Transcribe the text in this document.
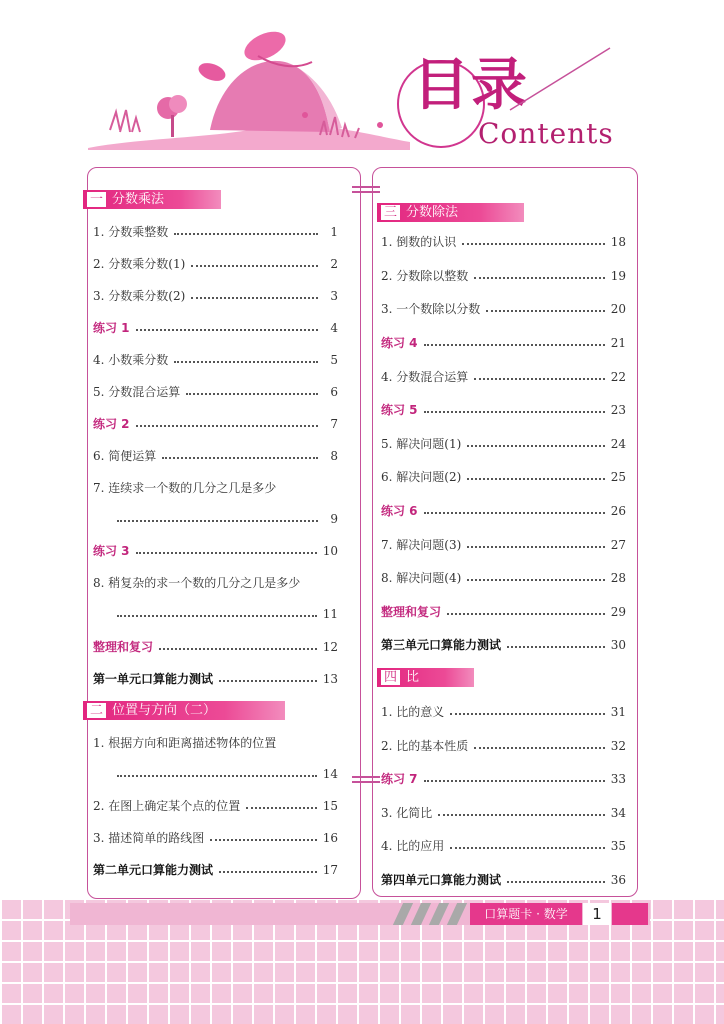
目录
Contents
一 分数乘法
1. 分数乘整数	1
2. 分数乘分数(1)	2
3. 分数乘分数(2)	3
练习 1	4
4. 小数乘分数	5
5. 分数混合运算	6
练习 2	7
6. 简便运算	8
7. 连续求一个数的几分之几是多少
9
练习 3	10
8. 稍复杂的求一个数的几分之几是多少
11
整理和复习	12
第一单元口算能力测试	13
二 位置与方向（二）
1. 根据方向和距离描述物体的位置
14
2. 在图上确定某个点的位置	15
3. 描述简单的路线图	16
第二单元口算能力测试	17
三 分数除法
1. 倒数的认识	18
2. 分数除以整数	19
3. 一个数除以分数	20
练习 4	21
4. 分数混合运算	22
练习 5	23
5. 解决问题(1)	24
6. 解决问题(2)	25
练习 6	26
7. 解决问题(3)	27
8. 解决问题(4)	28
整理和复习	29
第三单元口算能力测试	30
四 比
1. 比的意义	31
2. 比的基本性质	32
练习 7	33
3. 化简比	34
4. 比的应用	35
第四单元口算能力测试	36
口算题卡 · 数学	1
